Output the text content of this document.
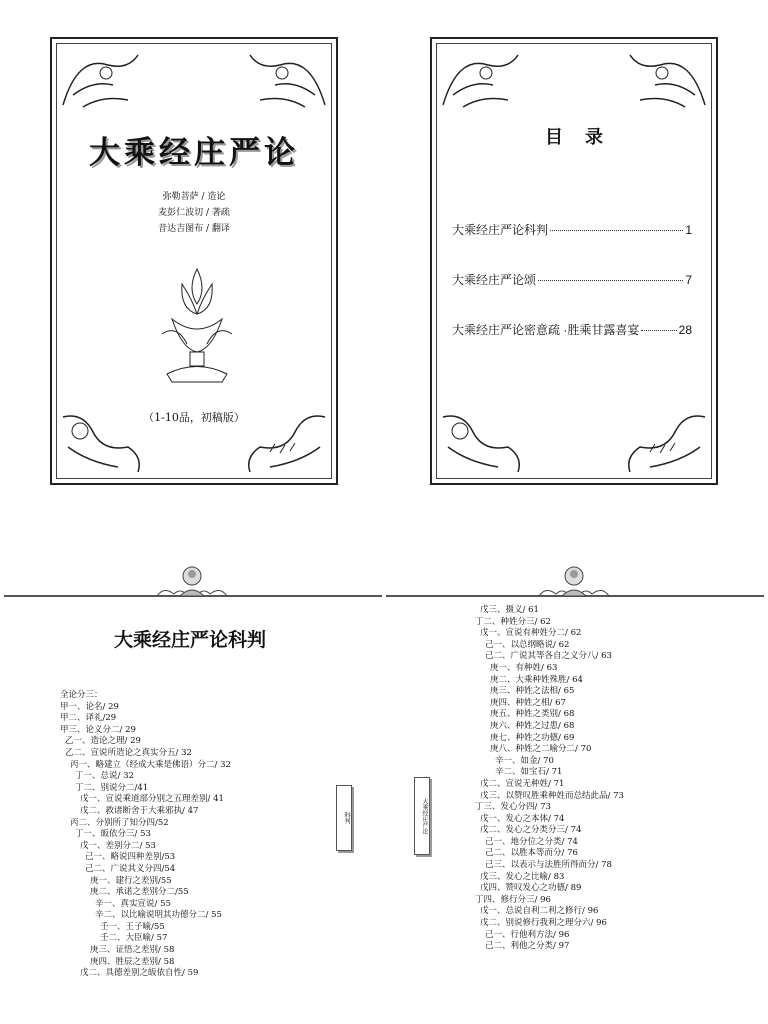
大乘经庄严论
弥勒菩萨 / 造论
麦彭仁波切 / 著疏
昔达吉图布 / 翻译
（1-10品，初稿版）
目录
大乘经庄严论科判	1
大乘经庄严论颂	7
大乘经庄严论密意疏 ·胜乘甘露喜宴	28
大乘经庄严论科判
全论分三：
甲一、论名/ 29
甲二、译礼/29
甲三、论义分二/ 29
乙一、造论之理/ 29
乙二、宣说所造论之真实分五/ 32
丙一、略建立（经成大乘是佛语）分二/ 32
丁一、总说/ 32
丁二、别说分二/41
戊一、宣说乘道部分别之五理差别/ 41
戊二、救诸断舍于大乘邪执/ 47
丙二、分别所了知分四/52
丁一、皈依分三/ 53
戊一、差别分二/ 53
己一、略说四种差别/53
己二、广说其义分四/54
庚一、建行之差别/55
庚二、承诺之差别分二/55
辛一、真实宣说/ 55
辛二、以比喻说明其功德分二/ 55
壬一、王子喻/55
壬二、大臣喻/ 57
庚三、证悟之差别/ 58
庚四、胜辰之差别/ 58
戊二、具德差别之皈依自性/ 59
科判
戊三、摄义/ 61
丁二、种姓分三/ 62
戊一、宣说有种姓分二/ 62
己一、以总纲略说/ 62
己二、广说其等各自之义分八/ 63
庚一、有种姓/ 63
庚二、大乘种姓殊胜/ 64
庚三、种姓之法相/ 65
庚四、种姓之相/ 67
庚五、种姓之类别/ 68
庚六、种姓之过患/ 68
庚七、种姓之功德/ 69
庚八、种姓之二喻分二/ 70
辛一、如金/ 70
辛二、如宝石/ 71
戊二、宣说无种姓/ 71
戊三、以赞叹胜乘种姓而总结此品/ 73
丁三、发心分四/ 73
戊一、发心之本体/ 74
戊二、发心之分类分三/ 74
己一、地分位之分类/ 74
己二、以胜本等而分/ 76
己三、以表示与法胜所得而分/ 78
戊三、发心之比喻/ 83
戊四、赞叹发心之功德/ 89
丁四、修行分三/ 96
戊一、总说自利二利之修行/ 96
戊二、别说修行我利之理分六/ 96
己一、行他利方法/ 96
己二、利他之分类/ 97
大乘经庄严论
